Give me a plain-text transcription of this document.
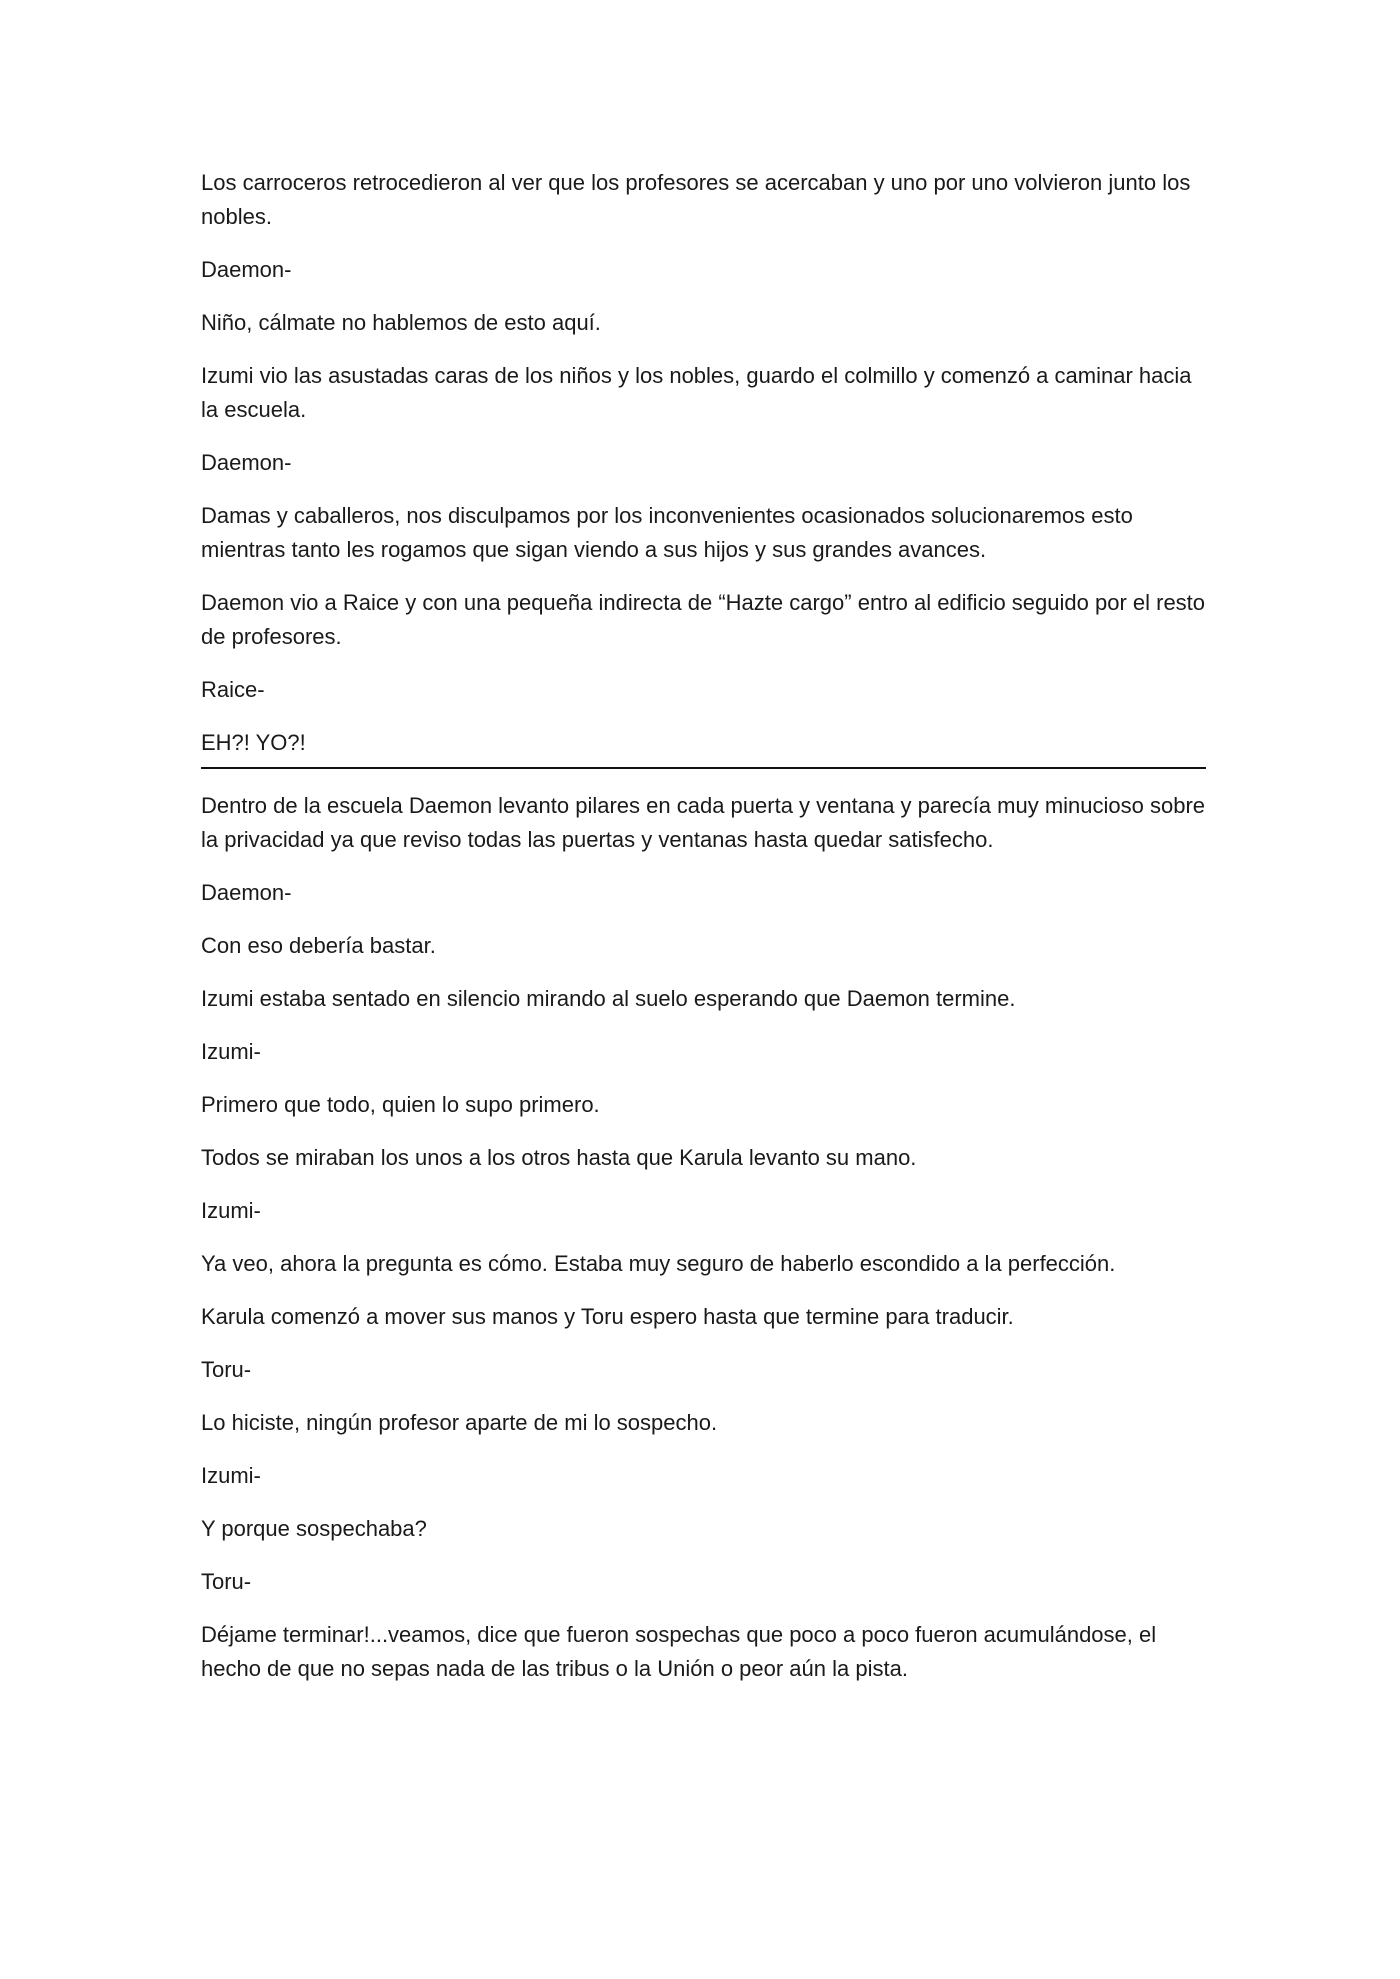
Los carroceros retrocedieron al ver que los profesores se acercaban y uno por uno volvieron junto los nobles.

Daemon-

Niño, cálmate no hablemos de esto aquí.

Izumi vio las asustadas caras de los niños y los nobles, guardo el colmillo y comenzó a caminar hacia la escuela.

Daemon-

Damas y caballeros, nos disculpamos por los inconvenientes ocasionados solucionaremos esto mientras tanto les rogamos que sigan viendo a sus hijos y sus grandes avances.

Daemon vio a Raice y con una pequeña indirecta de “Hazte cargo” entro al edificio seguido por el resto de profesores.

Raice-

EH?! YO?!

Dentro de la escuela Daemon levanto pilares en cada puerta y ventana y parecía muy minucioso sobre la privacidad ya que reviso todas las puertas y ventanas hasta quedar satisfecho.

Daemon-

Con eso debería bastar.

Izumi estaba sentado en silencio mirando al suelo esperando que Daemon termine.

Izumi-

Primero que todo, quien lo supo primero.

Todos se miraban los unos a los otros hasta que Karula levanto su mano.

Izumi-

Ya veo, ahora la pregunta es cómo. Estaba muy seguro de haberlo escondido a la perfección.

Karula comenzó a mover sus manos y Toru espero hasta que termine para traducir.

Toru-

Lo hiciste, ningún profesor aparte de mi lo sospecho.

Izumi-

Y porque sospechaba?

Toru-

Déjame terminar!...veamos, dice que fueron sospechas que poco a poco fueron acumulándose, el hecho de que no sepas nada de las tribus o la Unión o peor aún la pista.
